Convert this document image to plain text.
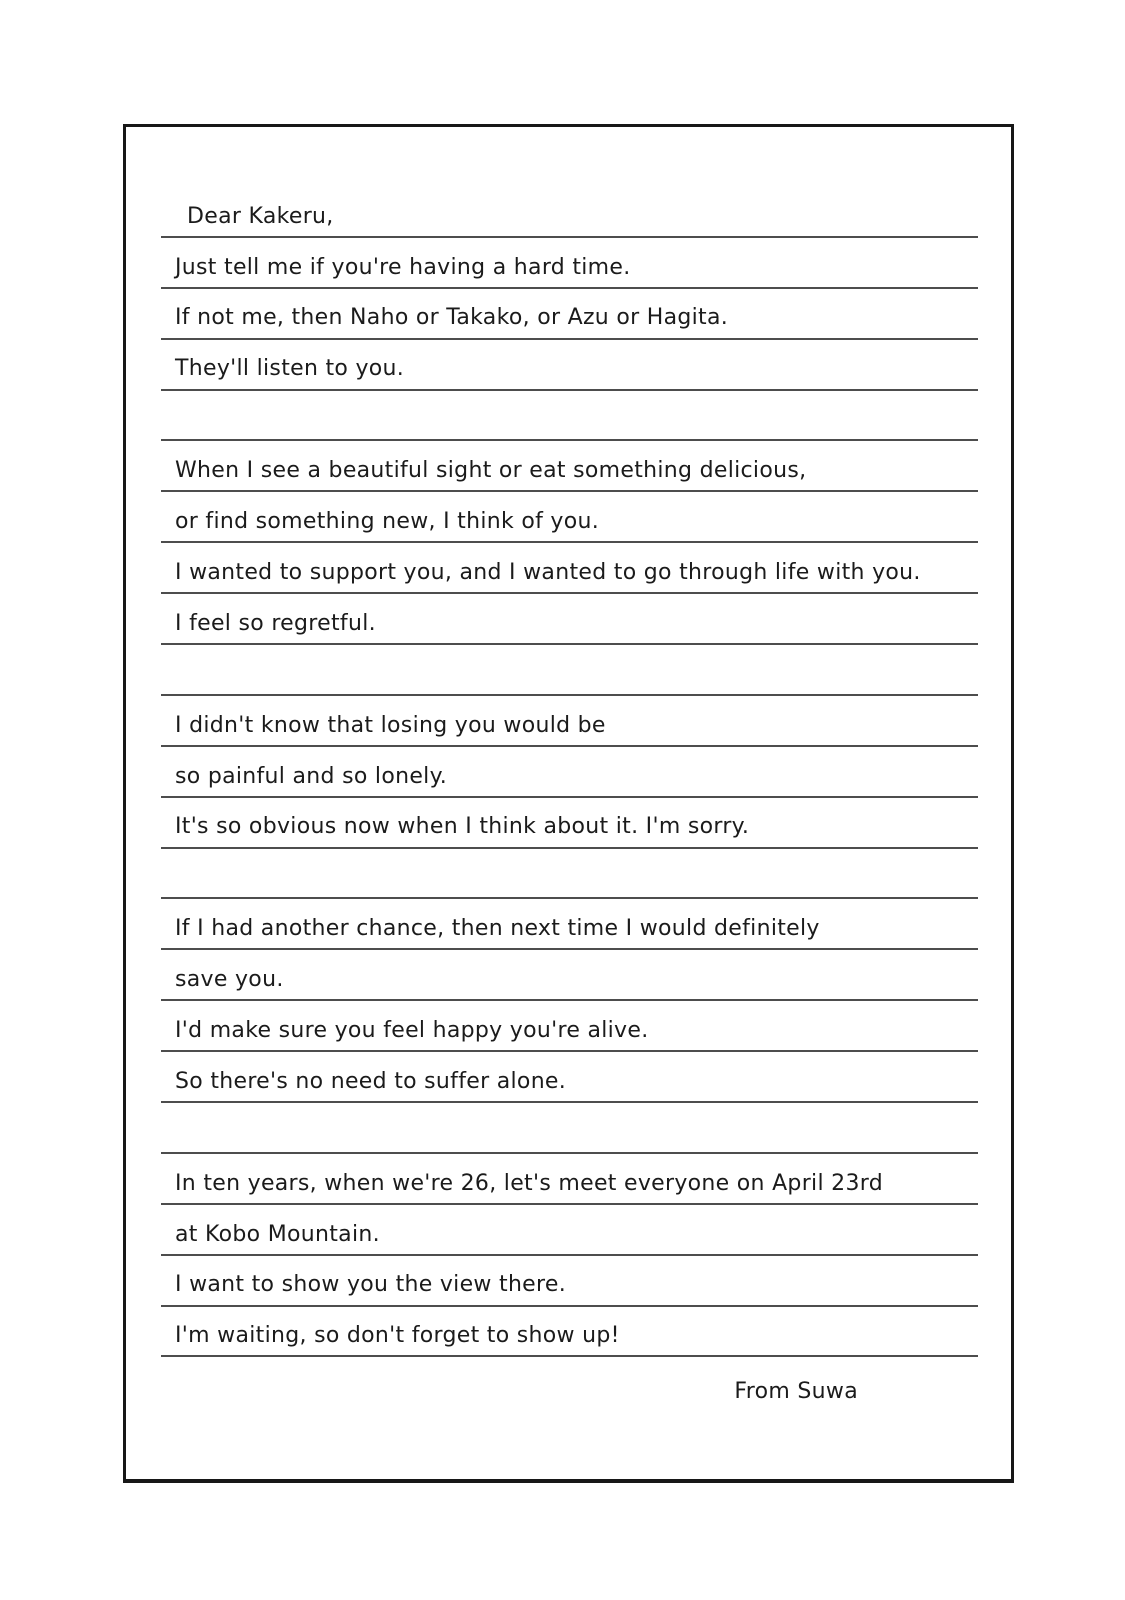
Dear Kakeru,
Just tell me if you're having a hard time.
If not me, then Naho or Takako, or Azu or Hagita.
They'll listen to you.
When I see a beautiful sight or eat something delicious,
or find something new, I think of you.
I wanted to support you, and I wanted to go through life with you.
I feel so regretful.
I didn't know that losing you would be
so painful and so lonely.
It's so obvious now when I think about it. I'm sorry.
If I had another chance, then next time I would definitely
save you.
I'd make sure you feel happy you're alive.
So there's no need to suffer alone.
In ten years, when we're 26, let's meet everyone on April 23rd
at Kobo Mountain.
I want to show you the view there.
I'm waiting, so don't forget to show up!
From Suwa
